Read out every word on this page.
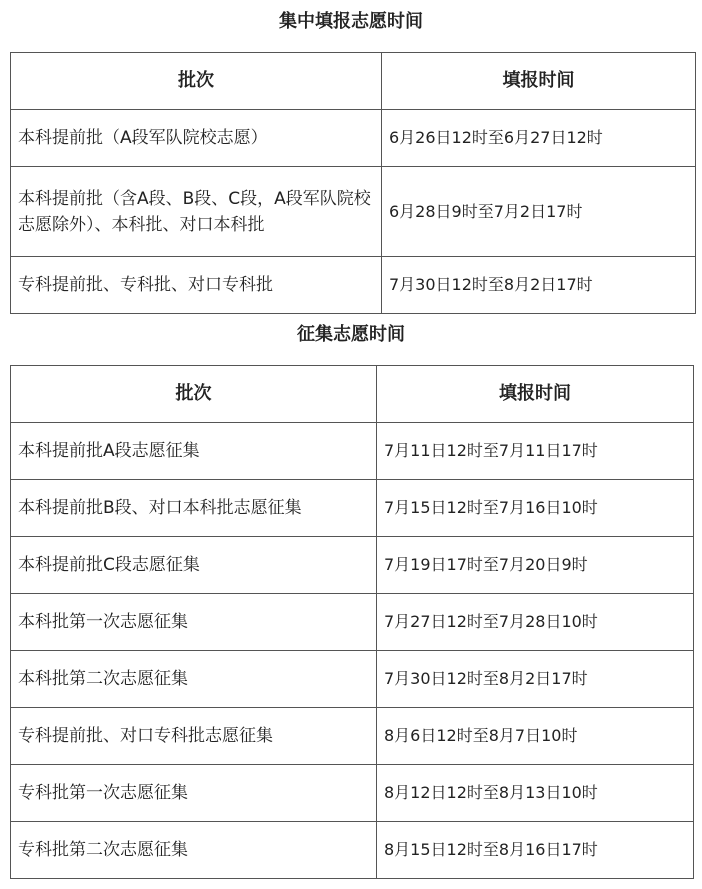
集中填报志愿时间
批次	填报时间
本科提前批（A段军队院校志愿）	6月26日12时至6月27日12时
本科提前批（含A段、B段、C段，A段军队院校志愿除外）、本科批、对口本科批	6月28日9时至7月2日17时
专科提前批、专科批、对口专科批	7月30日12时至8月2日17时
征集志愿时间
批次	填报时间
本科提前批A段志愿征集	7月11日12时至7月11日17时
本科提前批B段、对口本科批志愿征集	7月15日12时至7月16日10时
本科提前批C段志愿征集	7月19日17时至7月20日9时
本科批第一次志愿征集	7月27日12时至7月28日10时
本科批第二次志愿征集	7月30日12时至8月2日17时
专科提前批、对口专科批志愿征集	8月6日12时至8月7日10时
专科批第一次志愿征集	8月12日12时至8月13日10时
专科批第二次志愿征集	8月15日12时至8月16日17时
